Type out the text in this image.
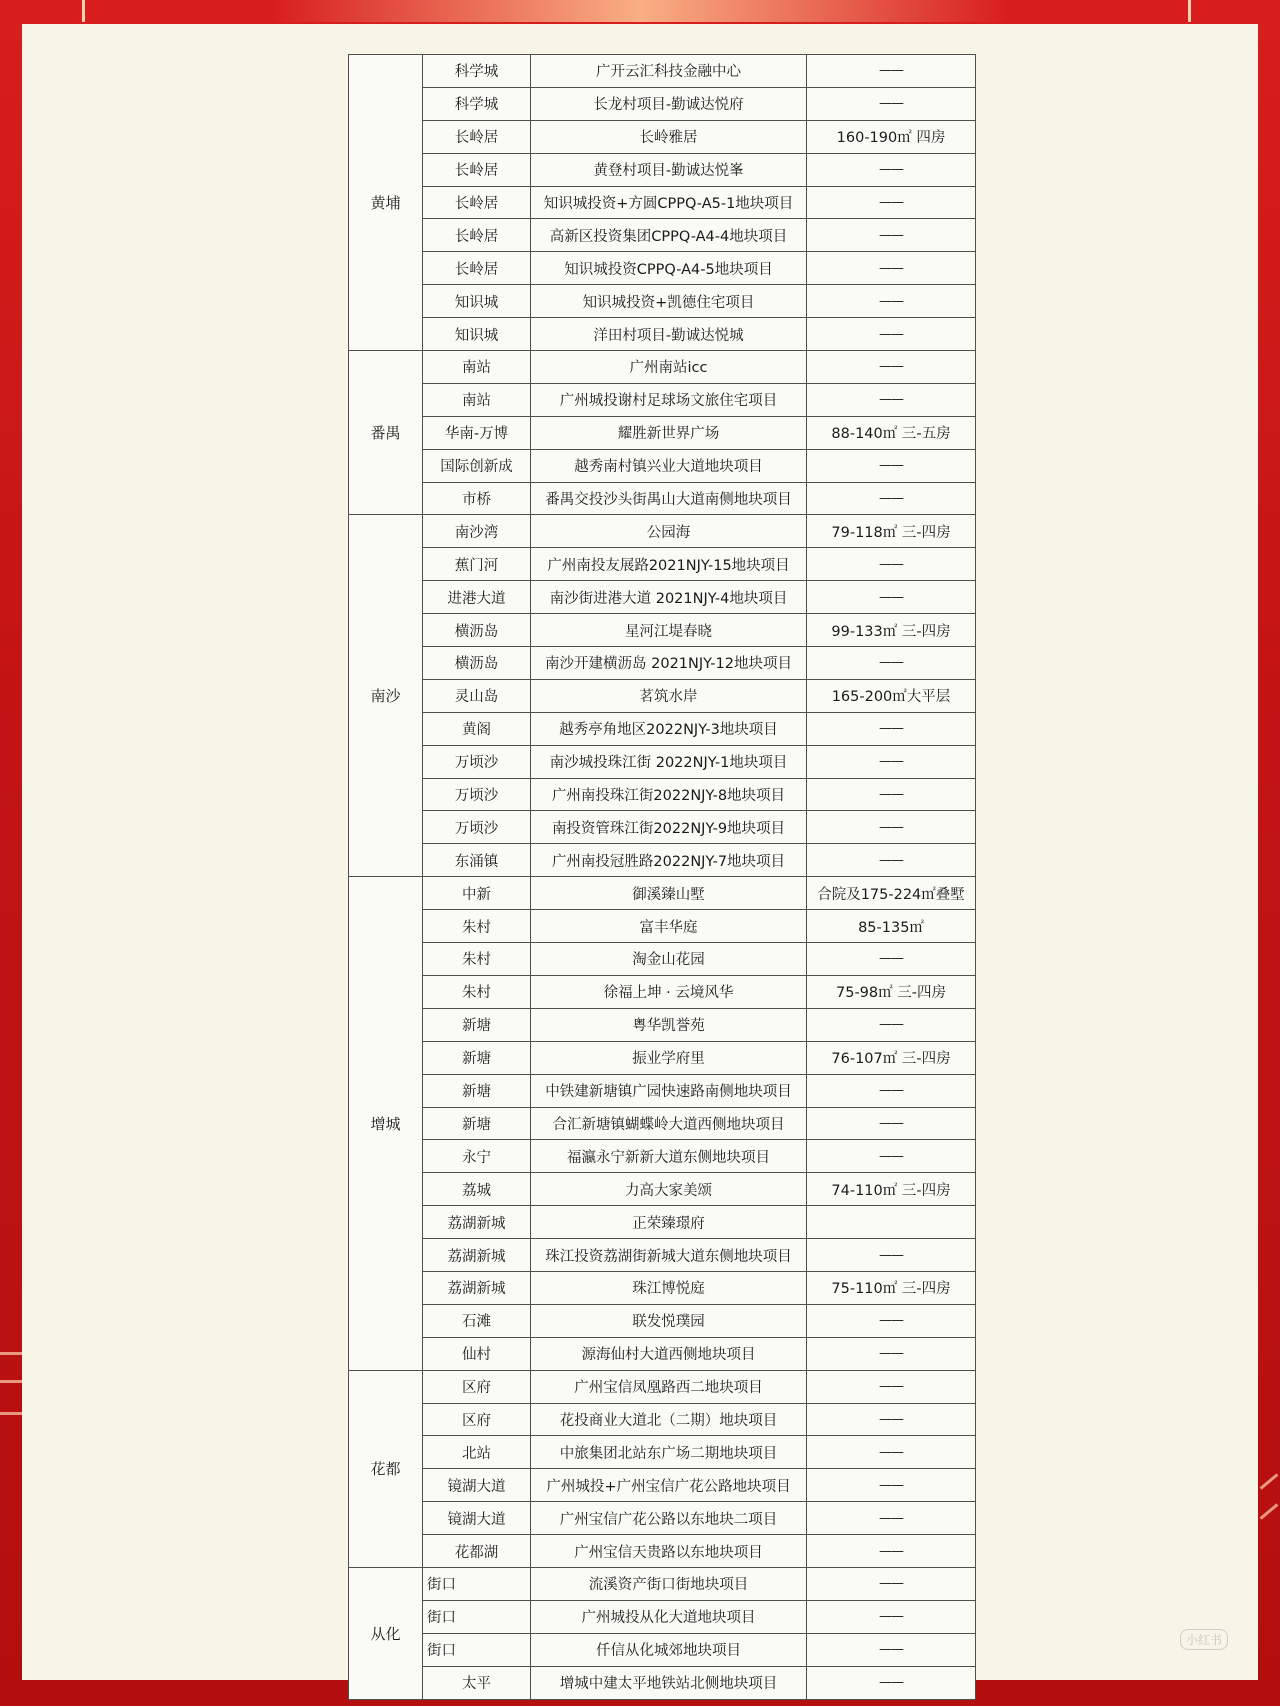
黄埔	科学城	广开云汇科技金融中心	——
	科学城	长龙村项目-勤诚达悦府	——
	长岭居	长岭雅居	160-190㎡ 四房
	长岭居	黄登村项目-勤诚达悦峯	——
	长岭居	知识城投资+方圆CPPQ-A5-1地块项目	——
	长岭居	高新区投资集团CPPQ-A4-4地块项目	——
	长岭居	知识城投资CPPQ-A4-5地块项目	——
	知识城	知识城投资+凯德住宅项目	——
	知识城	洋田村项目-勤诚达悦城	——
番禺	南站	广州南站icc	——
	南站	广州城投谢村足球场文旅住宅项目	——
	华南-万博	耀胜新世界广场	88-140㎡ 三-五房
	国际创新成	越秀南村镇兴业大道地块项目	——
	市桥	番禺交投沙头街禺山大道南侧地块项目	——
南沙	南沙湾	公园海	79-118㎡ 三-四房
	蕉门河	广州南投友展路2021NJY-15地块项目	——
	进港大道	南沙街进港大道 2021NJY-4地块项目	——
	横沥岛	星河江堤春晓	99-133㎡ 三-四房
	横沥岛	南沙开建横沥岛 2021NJY-12地块项目	——
	灵山岛	茗筑水岸	165-200㎡大平层
	黄阁	越秀亭角地区2022NJY-3地块项目	——
	万顷沙	南沙城投珠江街 2022NJY-1地块项目	——
	万顷沙	广州南投珠江街2022NJY-8地块项目	——
	万顷沙	南投资管珠江街2022NJY-9地块项目	——
	东涌镇	广州南投冠胜路2022NJY-7地块项目	——
增城	中新	御溪臻山墅	合院及175-224㎡叠墅
	朱村	富丰华庭	85-135㎡
	朱村	淘金山花园	——
	朱村	徐福上坤 · 云境风华	75-98㎡ 三-四房
	新塘	粤华凯誉苑	——
	新塘	振业学府里	76-107㎡ 三-四房
	新塘	中铁建新塘镇广园快速路南侧地块项目	——
	新塘	合汇新塘镇蝴蝶岭大道西侧地块项目	——
	永宁	福瀛永宁新新大道东侧地块项目	——
	荔城	力高大家美颂	74-110㎡ 三-四房
	荔湖新城	正荣臻璟府	
	荔湖新城	珠江投资荔湖街新城大道东侧地块项目	——
	荔湖新城	珠江博悦庭	75-110㎡ 三-四房
	石滩	联发悦璞园	——
	仙村	源海仙村大道西侧地块项目	——
花都	区府	广州宝信凤凰路西二地块项目	——
	区府	花投商业大道北（二期）地块项目	——
	北站	中旅集团北站东广场二期地块项目	——
	镜湖大道	广州城投+广州宝信广花公路地块项目	——
	镜湖大道	广州宝信广花公路以东地块二项目	——
	花都湖	广州宝信天贵路以东地块项目	——
从化	街口	流溪资产街口街地块项目	——
	街口	广州城投从化大道地块项目	——
	街口	仟信从化城郊地块项目	——
	太平	增城中建太平地铁站北侧地块项目	——
小红书
